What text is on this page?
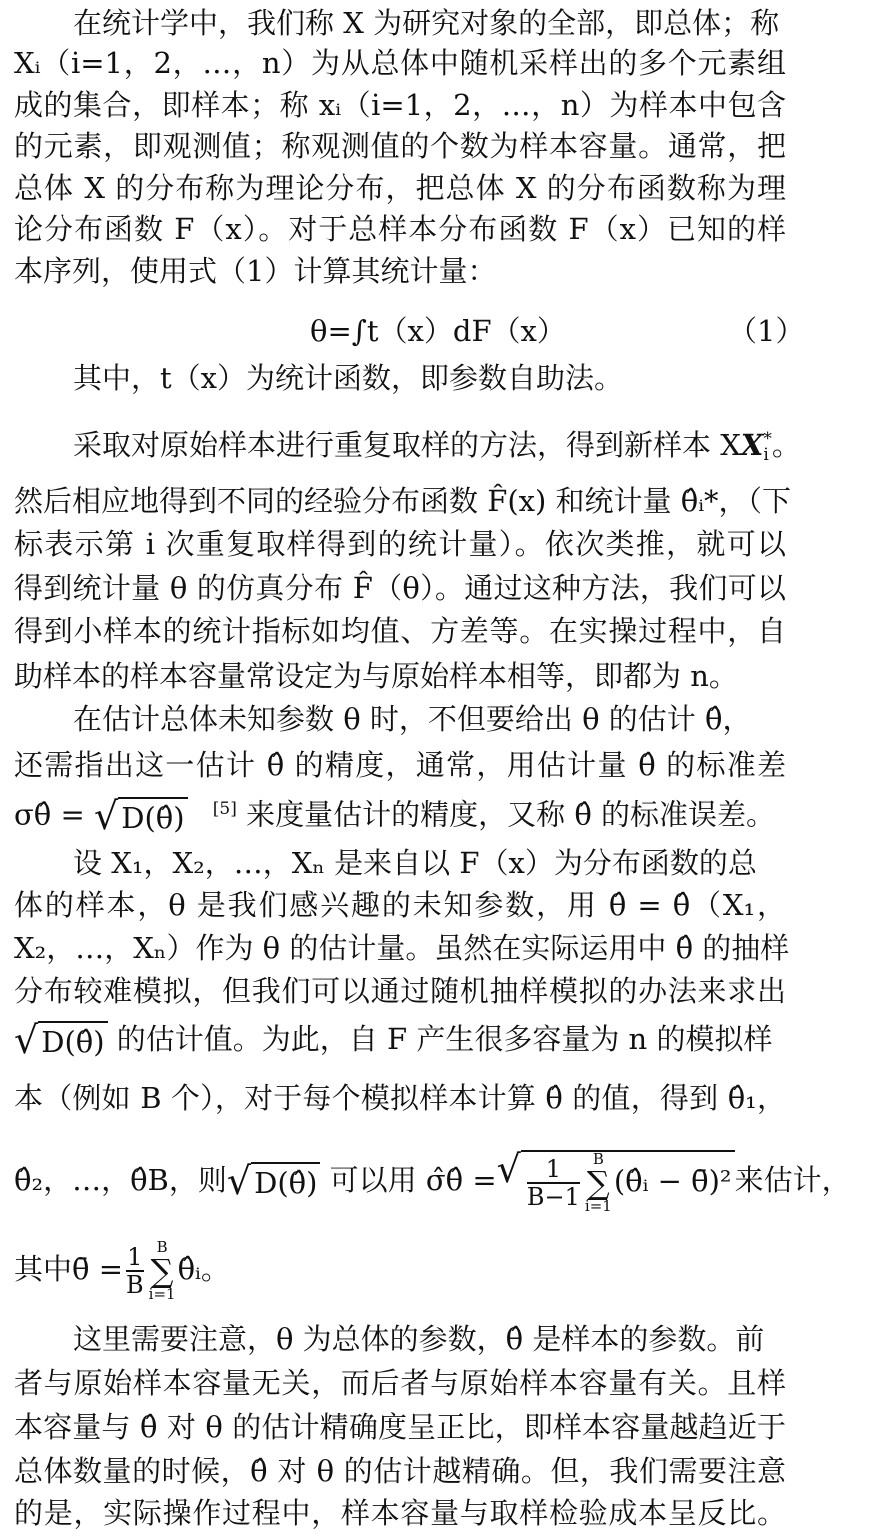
在统计学中，我们称 X 为研究对象的全部，即总体；称

Xᵢ（i=1，2，…，n）为从总体中随机采样出的多个元素组

成的集合，即样本；称 xᵢ（i=1，2，…，n）为样本中包含

的元素，即观测值；称观测值的个数为样本容量。通常，把

总体 X 的分布称为理论分布，把总体 X 的分布函数称为理

论分布函数 F（x）。对于总样本分布函数 F（x）已知的样

本序列，使用式（1）计算其统计量：

θ=∫t（x）dF（x）	（1）

其中，t（x）为统计函数，即参数自助法。

采取对原始样本进行重复取样的方法，得到新样本 XX *
i 。

然后相应地得到不同的经验分布函数 F̂(x) 和统计量 θ̂ᵢ*，（下

标表示第 i 次重复取样得到的统计量）。依次类推，就可以

得到统计量 θ 的仿真分布 F̂（θ）。通过这种方法，我们可以

得到小样本的统计指标如均值、方差等。在实操过程中，自

助样本的样本容量常设定为与原始样本相等，即都为 n。

在估计总体未知参数 θ 时，不但要给出 θ 的估计 θ̂，

还需指出这一估计 θ̂ 的精度，通常，用估计量 θ̂ 的标准差

σθ̂ = √ D(θ̂) [5] 来度量估计的精度，又称 θ̂ 的标准误差。

设 X₁，X₂，…，Xₙ 是来自以 F（x）为分布函数的总

体的样本，θ 是我们感兴趣的未知参数，用 θ̂ = θ̂（X₁，

X₂，…，Xₙ）作为 θ 的估计量。虽然在实际运用中 θ̂ 的抽样

分布较难模拟，但我们可以通过随机抽样模拟的办法来求出

√ D(θ̂) 的估计值。为此，自 F 产生很多容量为 n 的模拟样

本（例如 B 个），对于每个模拟样本计算 θ̂ 的值，得到 θ̂₁，

θ̂₂，…，θ̂B，则 √ D(θ̂) 可以用 σ̂θ̂ = √ $\frac{1}{B-1}$ B
∑
i=1
(θ̂ᵢ − θ̄)² 来估计，
其中θ̄ = $\frac{1}{B}$ B
∑
i=1
θ̂ᵢ。

这里需要注意，θ 为总体的参数，θ̂ 是样本的参数。前

者与原始样本容量无关，而后者与原始样本容量有关。且样

本容量与 θ̂ 对 θ 的估计精确度呈正比，即样本容量越趋近于

总体数量的时候，θ̂ 对 θ 的估计越精确。但，我们需要注意

的是，实际操作过程中，样本容量与取样检验成本呈反比。
